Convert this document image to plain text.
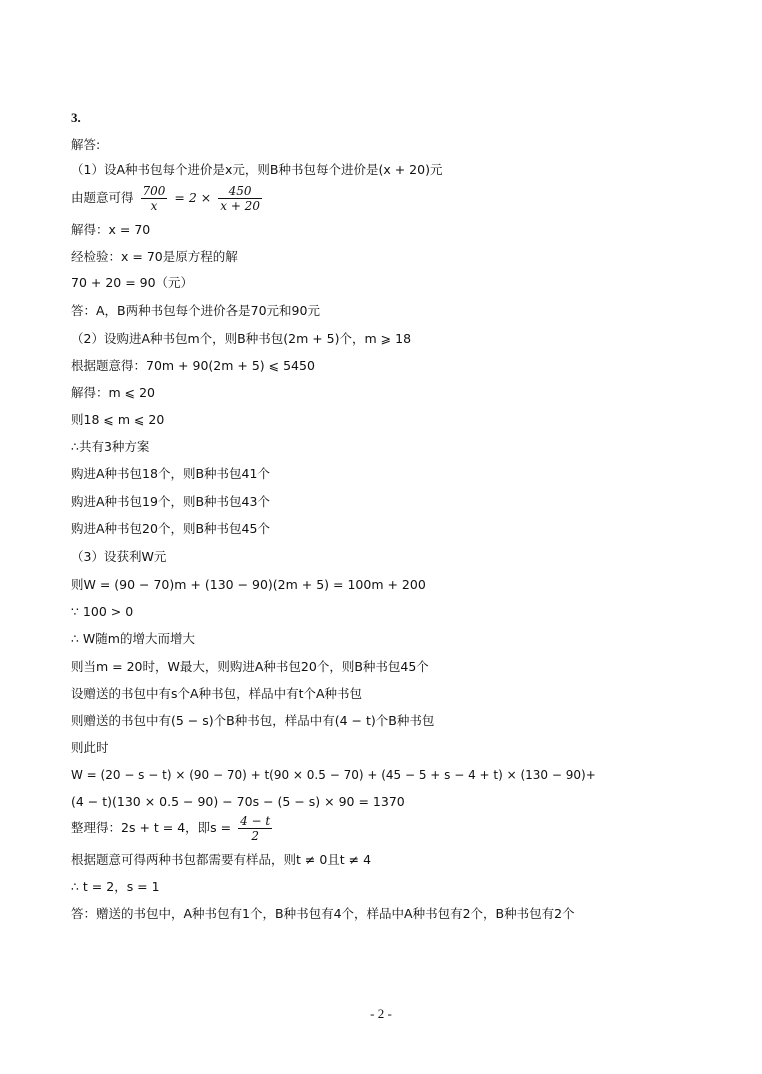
3.
解答:
（1）设A种书包每个进价是x元，则B种书包每个进价是(x + 20)元
由题意可得 $\frac{700}{x} = 2 \times \frac{450}{x + 20}$
解得：x = 70
经检验：x = 70是原方程的解
70 + 20 = 90（元）
答：A，B两种书包每个进价各是70元和90元
（2）设购进A种书包m个，则B种书包(2m + 5)个，m ⩾ 18
根据题意得：70m + 90(2m + 5) ⩽ 5450
解得：m ⩽ 20
则18 ⩽ m ⩽ 20
∴共有3种方案
购进A种书包18个，则B种书包41个
购进A种书包19个，则B种书包43个
购进A种书包20个，则B种书包45个
（3）设获利W元
则W = (90 − 70)m + (130 − 90)(2m + 5) = 100m + 200
∵ 100 > 0
∴ W随m的增大而增大
则当m = 20时，W最大，则购进A种书包20个，则B种书包45个
设赠送的书包中有s个A种书包，样品中有t个A种书包
则赠送的书包中有(5 − s)个B种书包，样品中有(4 − t)个B种书包
则此时
W = (20 − s − t) × (90 − 70) + t(90 × 0.5 − 70) + (45 − 5 + s − 4 + t) × (130 − 90)+
(4 − t)(130 × 0.5 − 90) − 70s − (5 − s) × 90 = 1370
整理得：2s + t = 4，即$s = \frac{4 - t}{2}$
根据题意可得两种书包都需要有样品，则t ≠ 0且t ≠ 4
∴ t = 2，s = 1
答：赠送的书包中，A种书包有1个，B种书包有4个，样品中A种书包有2个，B种书包有2个
- 2 -
